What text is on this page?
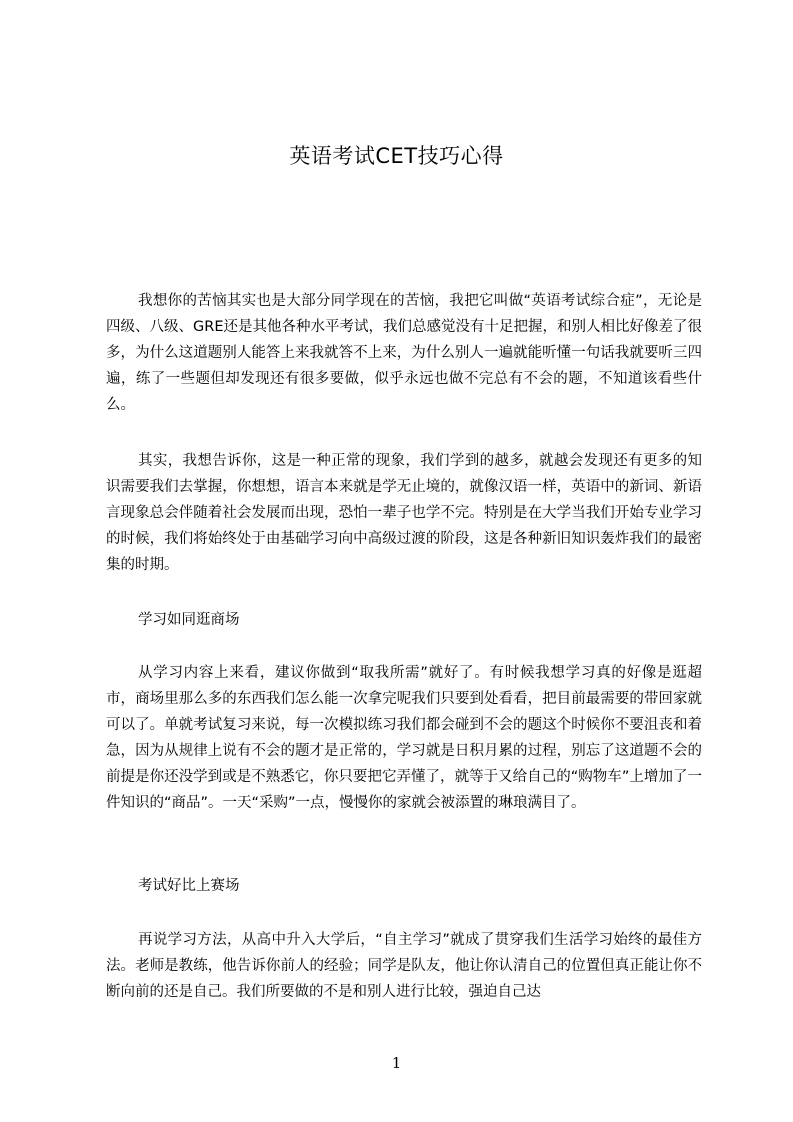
英语考试CET技巧心得

我想你的苦恼其实也是大部分同学现在的苦恼，我把它叫做“英语考试综合症”，无论是四级、八级、GRE还是其他各种水平考试，我们总感觉没有十足把握，和别人相比好像差了很多，为什么这道题别人能答上来我就答不上来，为什么别人一遍就能听懂一句话我就要听三四遍，练了一些题但却发现还有很多要做，似乎永远也做不完总有不会的题，不知道该看些什么。

其实，我想告诉你，这是一种正常的现象，我们学到的越多，就越会发现还有更多的知识需要我们去掌握，你想想，语言本来就是学无止境的，就像汉语一样，英语中的新词、新语言现象总会伴随着社会发展而出现，恐怕一辈子也学不完。特别是在大学当我们开始专业学习的时候，我们将始终处于由基础学习向中高级过渡的阶段，这是各种新旧知识轰炸我们的最密集的时期。

学习如同逛商场

从学习内容上来看，建议你做到“取我所需”就好了。有时候我想学习真的好像是逛超市，商场里那么多的东西我们怎么能一次拿完呢我们只要到处看看，把目前最需要的带回家就可以了。单就考试复习来说，每一次模拟练习我们都会碰到不会的题这个时候你不要沮丧和着急，因为从规律上说有不会的题才是正常的，学习就是日积月累的过程，别忘了这道题不会的前提是你还没学到或是不熟悉它，你只要把它弄懂了，就等于又给自己的“购物车”上增加了一件知识的“商品”。一天“采购”一点，慢慢你的家就会被添置的琳琅满目了。

考试好比上赛场

再说学习方法，从高中升入大学后，“自主学习”就成了贯穿我们生活学习始终的最佳方法。老师是教练，他告诉你前人的经验；同学是队友，他让你认清自己的位置但真正能让你不断向前的还是自己。我们所要做的不是和别人进行比较，强迫自己达

1
